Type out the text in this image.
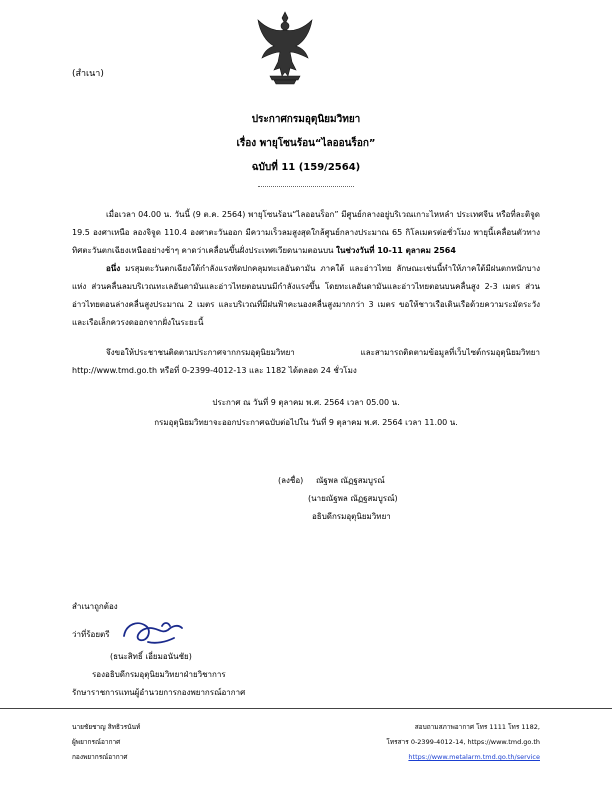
(สำเนา)
ประกาศกรมอุตุนิยมวิทยา
เรื่อง พายุโซนร้อน“ไลออนร็อก”
ฉบับที่ 11 (159/2564)
เมื่อเวลา 04.00 น. วันนี้ (9 ต.ค. 2564) พายุโซนร้อน“ไลออนร็อก” มีศูนย์กลางอยู่บริเวณเกาะไหหลำ ประเทศจีน หรือที่ละติจูด 19.5 องศาเหนือ ลองจิจูด 110.4 องศาตะวันออก มีความเร็วลมสูงสุดใกล้ศูนย์กลางประมาณ 65 กิโลเมตรต่อชั่วโมง พายุนี้เคลื่อนตัวทางทิศตะวันตกเฉียงเหนืออย่างช้าๆ คาดว่าเคลื่อนขึ้นฝั่งประเทศเวียดนามตอนบน ในช่วงวันที่ 10-11 ตุลาคม 2564
อนึ่ง มรสุมตะวันตกเฉียงใต้กำลังแรงพัดปกคลุมทะเลอันดามัน ภาคใต้ และอ่าวไทย ลักษณะเช่นนี้ทำให้ภาคใต้มีฝนตกหนักบางแห่ง ส่วนคลื่นลมบริเวณทะเลอันดามันและอ่าวไทยตอนบนมีกำลังแรงขึ้น โดยทะเลอันดามันและอ่าวไทยตอนบนคลื่นสูง 2-3 เมตร ส่วนอ่าวไทยตอนล่างคลื่นสูงประมาณ 2 เมตร และบริเวณที่มีฝนฟ้าคะนองคลื่นสูงมากกว่า 3 เมตร ขอให้ชาวเรือเดินเรือด้วยความระมัดระวัง และเรือเล็กควรงดออกจากฝั่งในระยะนี้
จึงขอให้ประชาชนติดตามประกาศจากกรมอุตุนิยมวิทยา และสามารถติดตามข้อมูลที่เว็บไซต์กรมอุตุนิยมวิทยา http://www.tmd.go.th หรือที่ 0-2399-4012-13 และ 1182 ได้ตลอด 24 ชั่วโมง
ประกาศ ณ วันที่ 9 ตุลาคม พ.ศ. 2564 เวลา 05.00 น.
กรมอุตุนิยมวิทยาจะออกประกาศฉบับต่อไปใน วันที่ 9 ตุลาคม พ.ศ. 2564 เวลา 11.00 น.
(ลงชื่อ) ณัฐพล ณัฏฐสมบูรณ์
(นายณัฐพล ณัฏฐสมบูรณ์)
อธิบดีกรมอุตุนิยมวิทยา
สำเนาถูกต้อง
ว่าที่ร้อยตรี
(ธนะสิทธิ์ เอี่ยมอนันชัย)
รองอธิบดีกรมอุตุนิยมวิทยาฝ่ายวิชาการ
รักษาราชการแทนผู้อำนวยการกองพยากรณ์อากาศ
นายชัยชาญ สิทธิวรนันท์
ผู้พยากรณ์อากาศ
กองพยากรณ์อากาศ
สอบถามสภาพอากาศ โทร 1111 โทร 1182,
โทรสาร 0-2399-4012-14, https://www.tmd.go.th
https://www.metalarm.tmd.go.th/service
